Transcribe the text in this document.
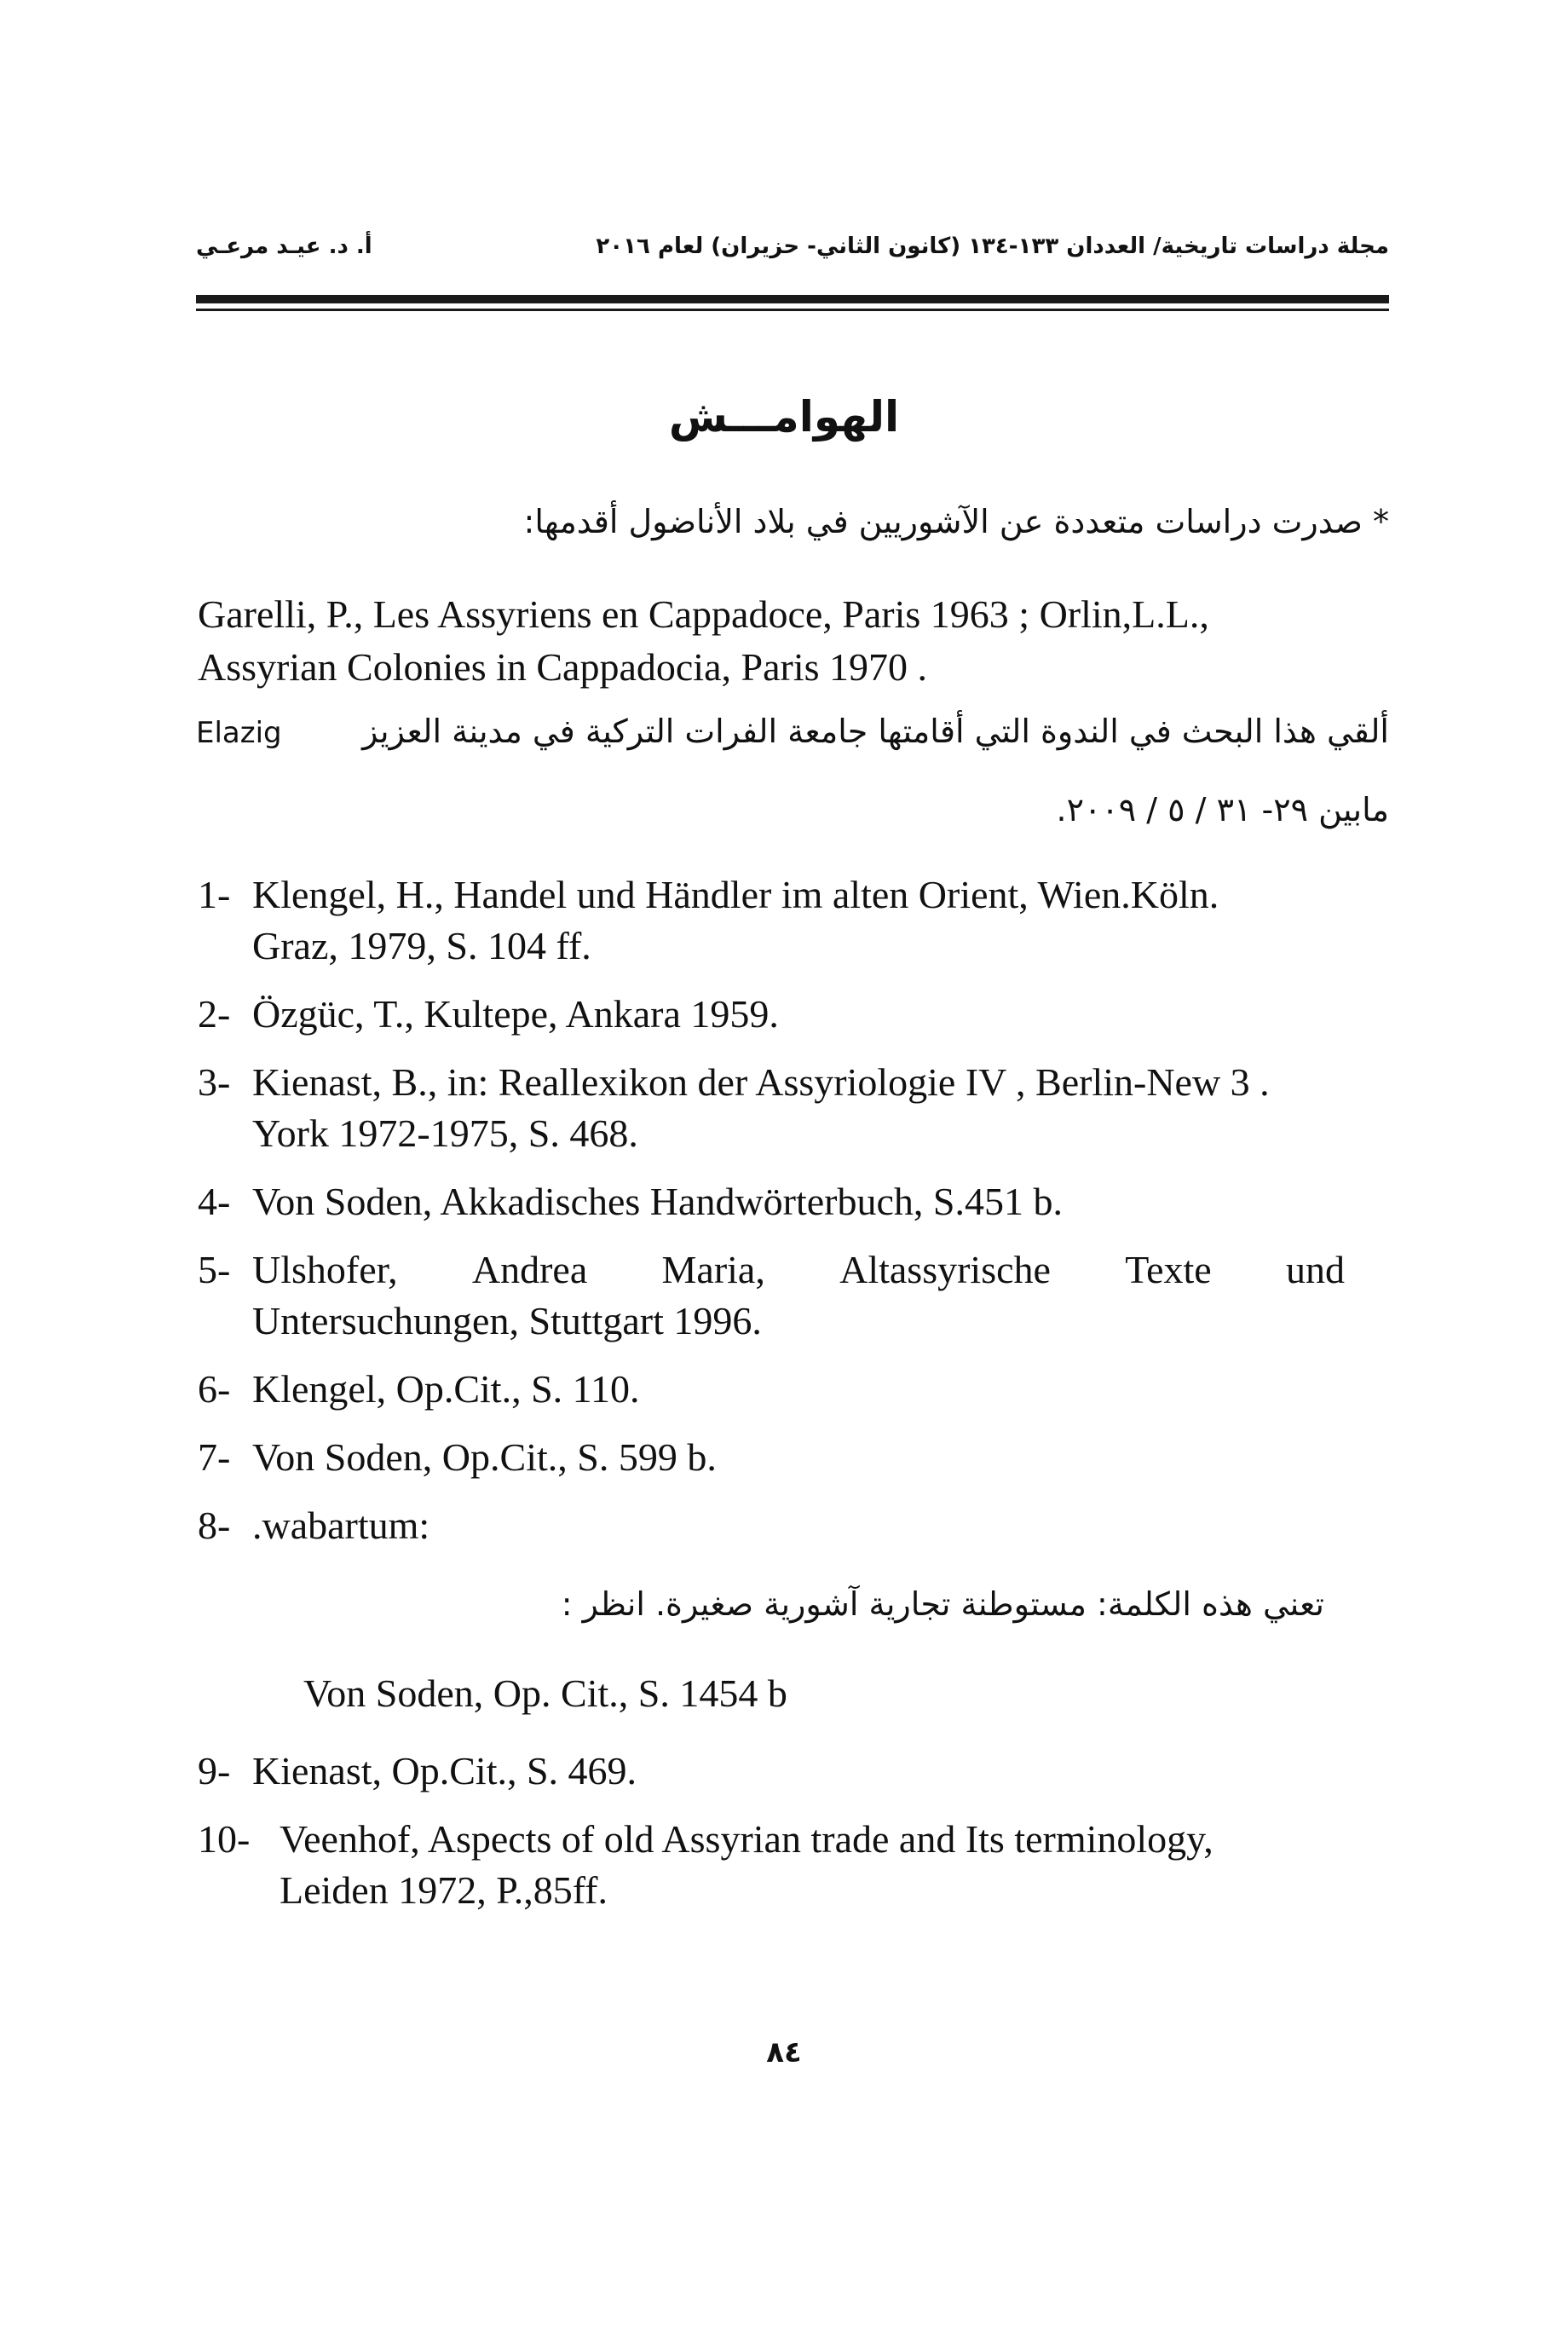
مجلة دراسات تاريخية/ العددان ١٣٣-١٣٤ (كانون الثاني- حزيران) لعام ٢٠١٦
أ. د. عيـد مرعـي
الهوامـــش
* صدرت دراسات متعددة عن الآشوريين في بلاد الأناضول أقدمها:
Garelli, P., Les Assyriens en Cappadoce, Paris 1963 ; Orlin,L.L.,
Assyrian Colonies in Cappadocia, Paris 1970 .
ألقي هذا البحث في الندوة التي أقامتها جامعة الفرات التركية في مدينة العزيز
Elazig
مابين ٢٩- ٣١ / ٥ / ٢٠٠٩.
1- Klengel, H., Handel und Händler im alten Orient, Wien.Köln.
Graz, 1979, S. 104 ff.
2- Özgüc, T., Kultepe, Ankara 1959.
3- Kienast, B., in: Reallexikon der Assyriologie IV , Berlin-New 3 .
York 1972-1975, S. 468.
4- Von Soden, Akkadisches Handwörterbuch, S.451 b.
5- Ulshofer, Andrea Maria, Altassyrische Texte und
Untersuchungen, Stuttgart 1996.
6- Klengel, Op.Cit., S. 110.
7- Von Soden, Op.Cit., S. 599 b.
8- .wabartum:
تعني هذه الكلمة: مستوطنة تجارية آشورية صغيرة. انظر :
Von Soden, Op. Cit., S. 1454 b
9- Kienast, Op.Cit., S. 469.
10- Veenhof, Aspects of old Assyrian trade and Its terminology,
Leiden 1972, P.,85ff.
٨٤
